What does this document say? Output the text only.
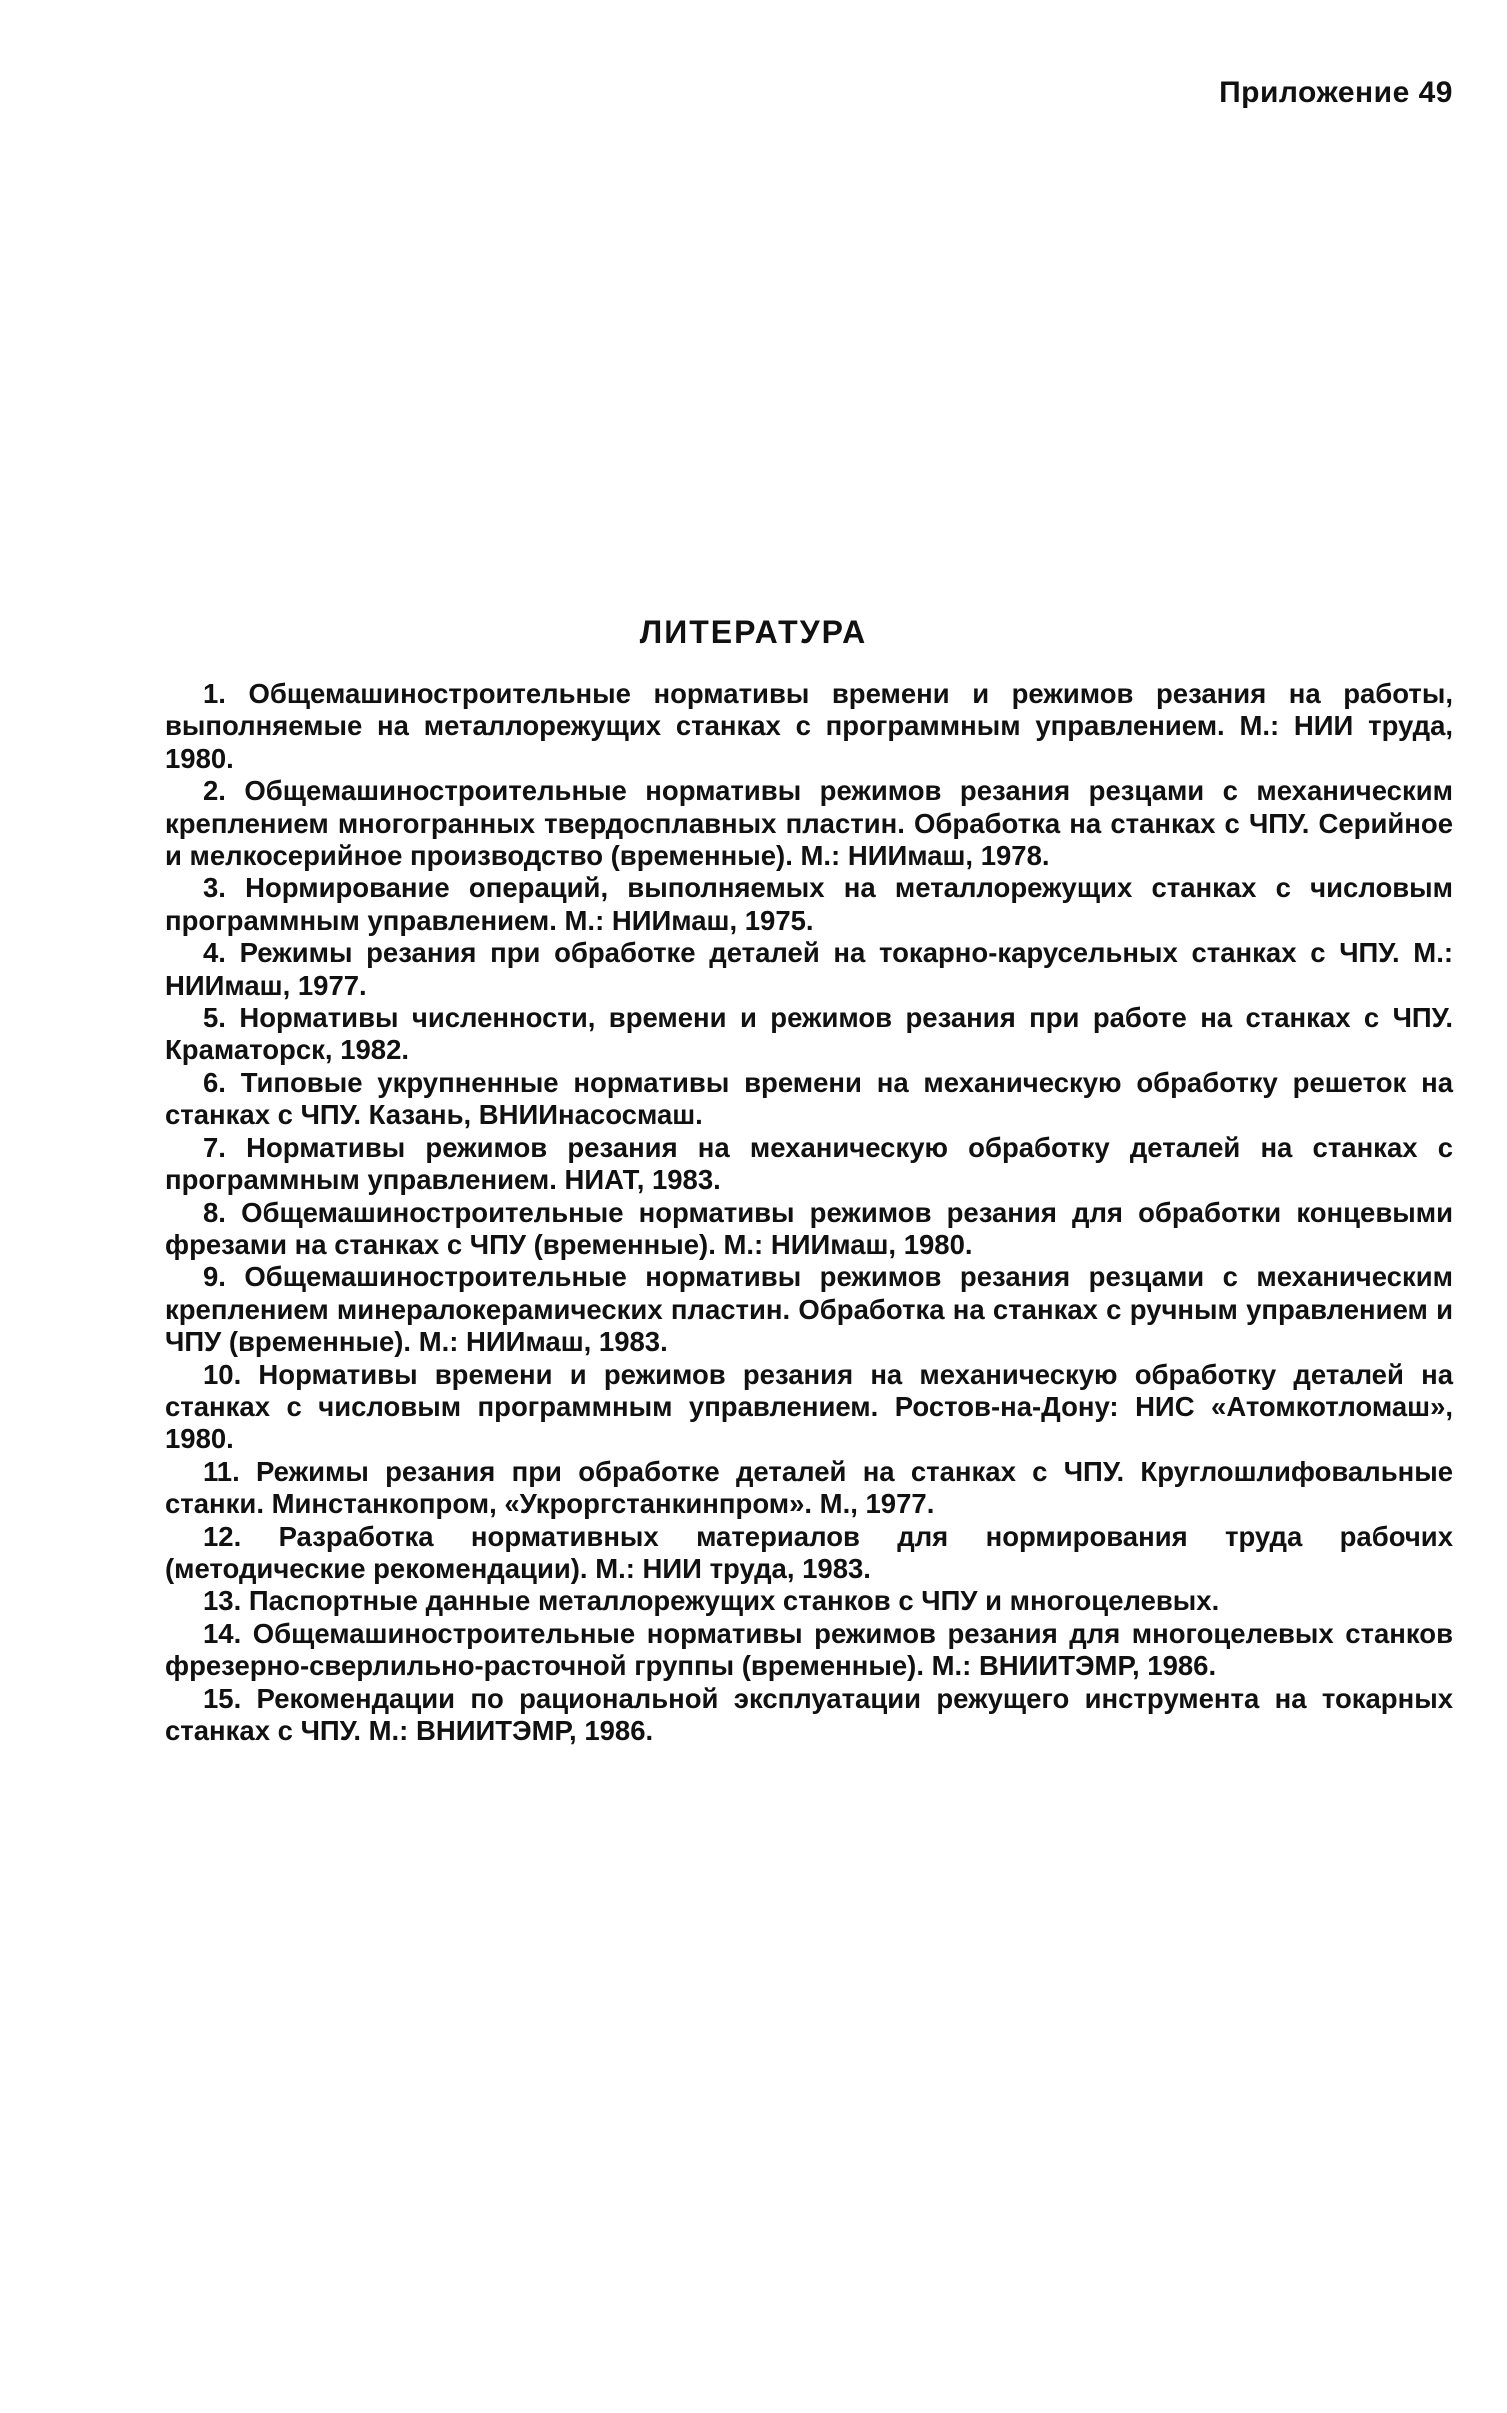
Приложение 49
ЛИТЕРАТУРА
1. Общемашиностроительные нормативы времени и режимов резания на работы, выполняемые на металлорежущих станках с программным управлением. М.: НИИ труда, 1980.
2. Общемашиностроительные нормативы режимов резания резцами с механическим креплением многогранных твердосплавных пластин. Обработка на станках с ЧПУ. Серийное и мелкосерийное производство (временные). М.: НИИмаш, 1978.
3. Нормирование операций, выполняемых на металлорежущих станках с числовым программным управлением. М.: НИИмаш, 1975.
4. Режимы резания при обработке деталей на токарно-карусельных станках с ЧПУ. М.: НИИмаш, 1977.
5. Нормативы численности, времени и режимов резания при работе на станках с ЧПУ. Краматорск, 1982.
6. Типовые укрупненные нормативы времени на механическую обработку решеток на станках с ЧПУ. Казань, ВНИИнасосмаш.
7. Нормативы режимов резания на механическую обработку деталей на станках с программным управлением. НИАТ, 1983.
8. Общемашиностроительные нормативы режимов резания для обработки концевыми фрезами на станках с ЧПУ (временные). М.: НИИмаш, 1980.
9. Общемашиностроительные нормативы режимов резания резцами с механическим креплением минералокерамических пластин. Обработка на станках с ручным управлением и ЧПУ (временные). М.: НИИмаш, 1983.
10. Нормативы времени и режимов резания на механическую обработку деталей на станках с числовым программным управлением. Ростов-на-Дону: НИС «Атомкотломаш», 1980.
11. Режимы резания при обработке деталей на станках с ЧПУ. Круглошлифовальные станки. Минстанкопром, «Укроргстанкинпром». М., 1977.
12. Разработка нормативных материалов для нормирования труда рабочих (методические рекомендации). М.: НИИ труда, 1983.
13. Паспортные данные металлорежущих станков с ЧПУ и многоцелевых.
14. Общемашиностроительные нормативы режимов резания для многоцелевых станков фрезерно-сверлильно-расточной группы (временные). М.: ВНИИТЭМР, 1986.
15. Рекомендации по рациональной эксплуатации режущего инструмента на токарных станках с ЧПУ. М.: ВНИИТЭМР, 1986.
